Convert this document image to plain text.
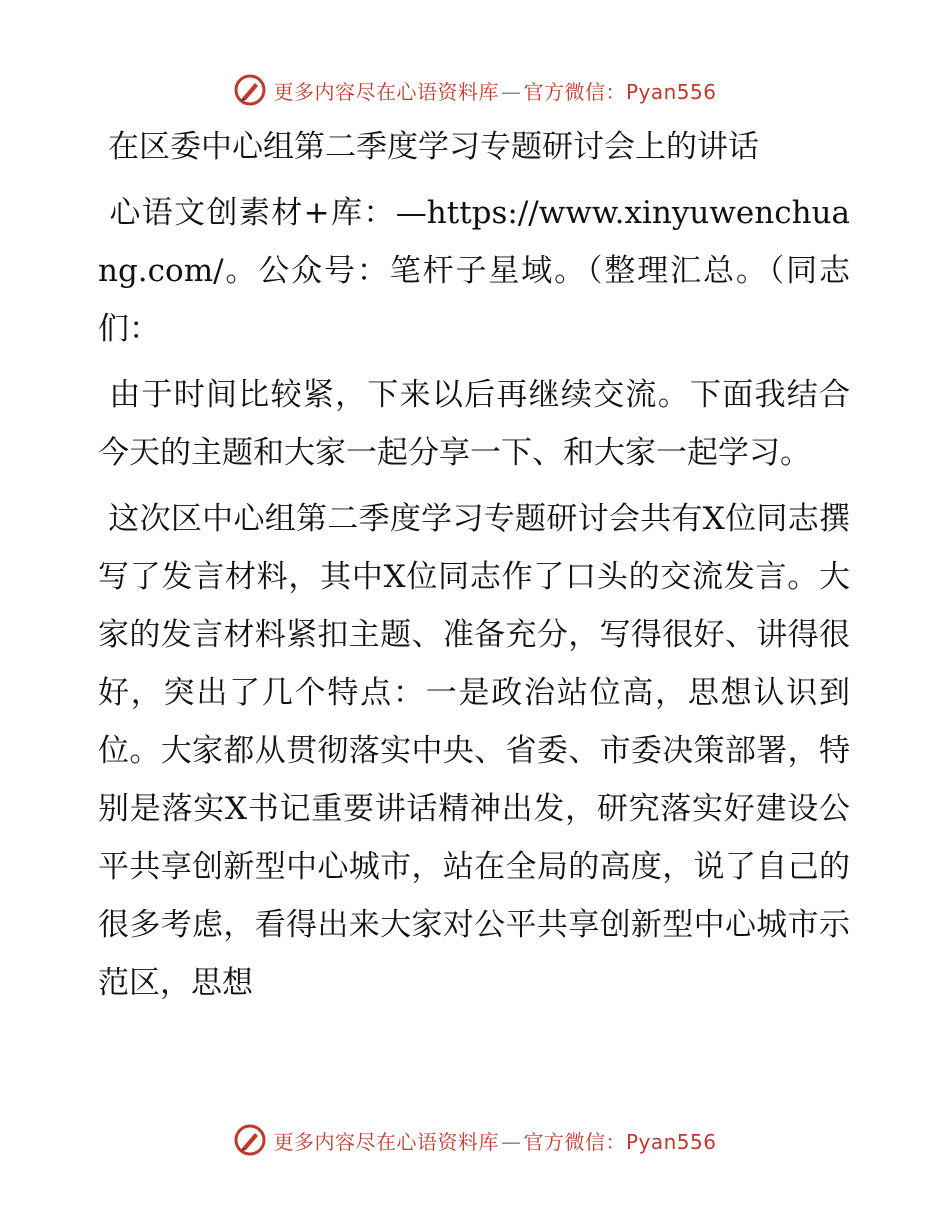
更多内容尽在心语资料库 — 官方微信：Pyan556
在区委中心组第二季度学习专题研讨会上的讲话

心语文创素材+库：—https://www.xinyuwenchuang.com/。公众号：笔杆子星域。（整理汇总。（同志们：

由于时间比较紧，下来以后再继续交流。下面我结合今天的主题和大家一起分享一下、和大家一起学习。

这次区中心组第二季度学习专题研讨会共有X位同志撰写了发言材料，其中X位同志作了口头的交流发言。大家的发言材料紧扣主题、准备充分，写得很好、讲得很好，突出了几个特点：一是政治站位高，思想认识到位。大家都从贯彻落实中央、省委、市委决策部署，特别是落实X书记重要讲话精神出发，研究落实好建设公平共享创新型中心城市，站在全局的高度，说了自己的很多考虑，看得出来大家对公平共享创新型中心城市示范区，思想

更多内容尽在心语资料库 — 官方微信：Pyan556
